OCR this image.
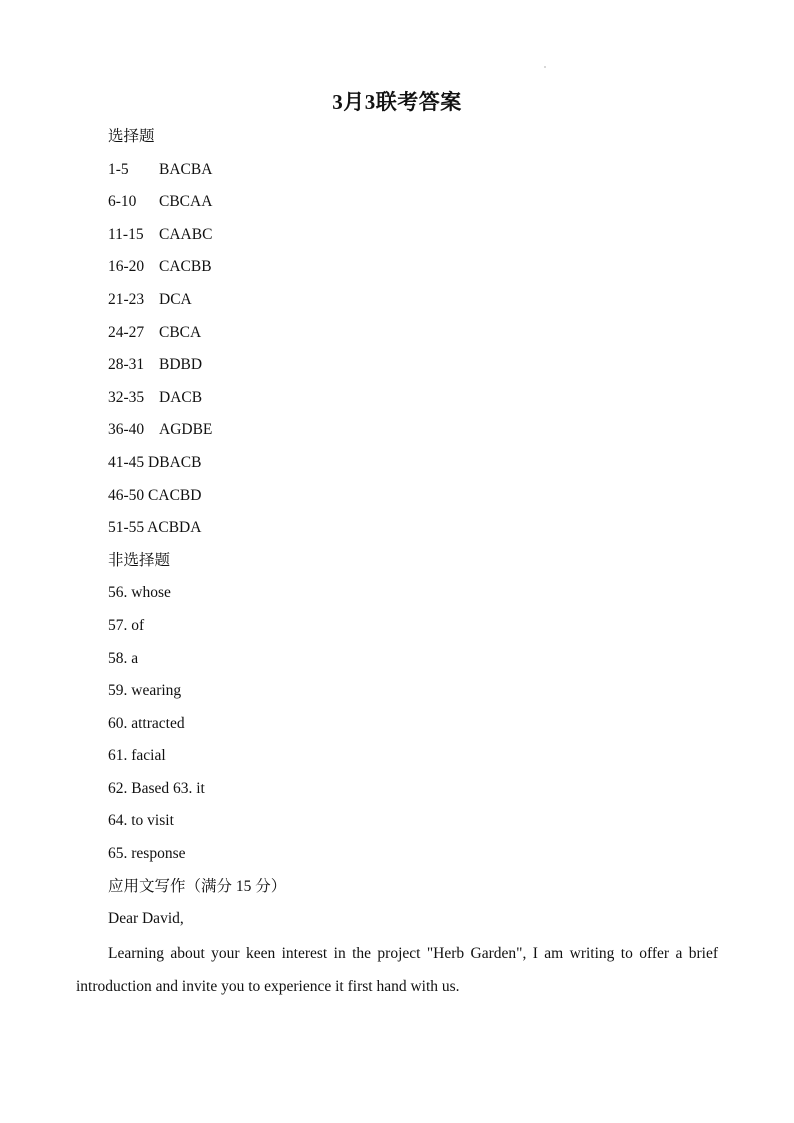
3月3联考答案
选择题
1-5 BACBA
6-10 CBCAA
11-15 CAABC
16-20 CACBB
21-23 DCA
24-27 CBCA
28-31 BDBD
32-35 DACB
36-40 AGDBE
41-45 DBACB
46-50 CACBD
51-55 ACBDA
非选择题
56. whose
57. of
58. a
59. wearing
60. attracted
61. facial
62. Based 63. it
64. to visit
65. response
应用文写作（满分 15 分）
Dear David,
Learning about your keen interest in the project "Herb Garden", I am writing to offer a brief introduction and invite you to experience it first hand with us.
